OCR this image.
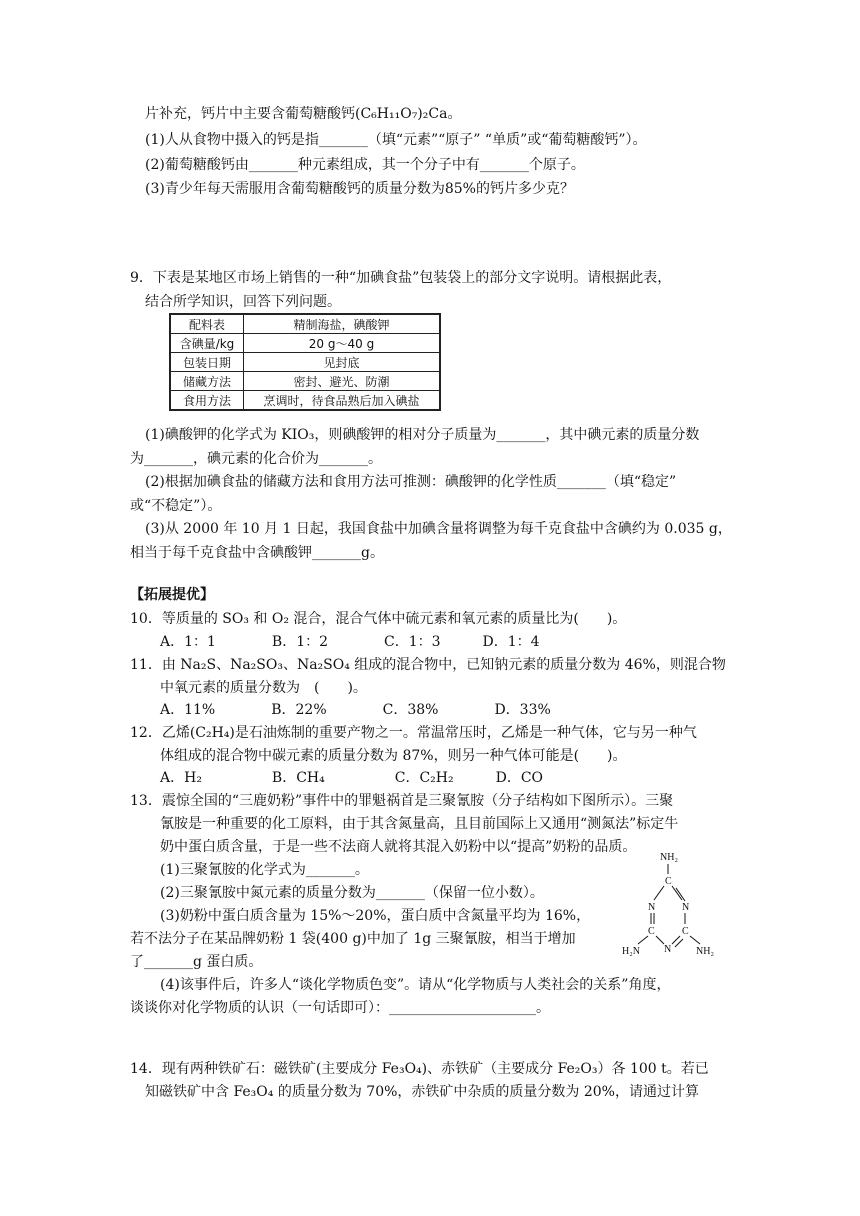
片补充，钙片中主要含葡萄糖酸钙(C₆H₁₁O₇)₂Ca。
(1)人从食物中摄入的钙是指_______（填“元素”“原子” “单质”或“葡萄糖酸钙”）。
(2)葡萄糖酸钙由_______种元素组成，其一个分子中有_______个原子。
(3)青少年每天需服用含葡萄糖酸钙的质量分数为85%的钙片多少克？
9．下表是某地区市场上销售的一种“加碘食盐”包装袋上的部分文字说明。请根据此表，
结合所学知识，回答下列问题。
配料表	精制海盐，碘酸钾
含碘量/kg	20 g～40 g
包装日期	见封底
储藏方法	密封、避光、防潮
食用方法	烹调时，待食品熟后加入碘盐
(1)碘酸钾的化学式为 KIO₃，则碘酸钾的相对分子质量为_______，其中碘元素的质量分数
为_______，碘元素的化合价为_______。
(2)根据加碘食盐的储藏方法和食用方法可推测：碘酸钾的化学性质_______（填“稳定”
或“不稳定”）。
(3)从 2000 年 10 月 1 日起，我国食盐中加碘含量将调整为每千克食盐中含碘约为 0.035 g，
相当于每千克食盐中含碘酸钾_______g。
【拓展提优】
10．等质量的 SO₃ 和 O₂ 混合，混合气体中硫元素和氧元素的质量比为(　　)。
A．1：1　　　　B．1：2　　　　C．1：3　　　D．1：4
11．由 Na₂S、Na₂SO₃、Na₂SO₄ 组成的混合物中，已知钠元素的质量分数为 46%，则混合物
中氧元素的质量分数为　(　　)。
A．11%　　　　B．22%　　　　C．38%　　　　D．33%
12．乙烯(C₂H₄)是石油炼制的重要产物之一。常温常压时，乙烯是一种气体，它与另一种气
体组成的混合物中碳元素的质量分数为 87%，则另一种气体可能是(　　)。
A．H₂　　　　　B．CH₄　　　　　C．C₂H₂　　　D．CO
13．震惊全国的“三鹿奶粉”事件中的罪魁祸首是三聚氰胺（分子结构如下图所示）。三聚
氰胺是一种重要的化工原料，由于其含氮量高，且目前国际上又通用“测氮法”标定牛
奶中蛋白质含量，于是一些不法商人就将其混入奶粉中以“提高”奶粉的品质。
(1)三聚氰胺的化学式为_______。
(2)三聚氰胺中氮元素的质量分数为_______（保留一位小数）。
(3)奶粉中蛋白质含量为 15%～20%，蛋白质中含氮量平均为 16%，
若不法分子在某品牌奶粉 1 袋(400 g)中加了 1g 三聚氰胺，相当于增加
了_______g 蛋白质。
(4)该事件后，许多人“谈化学物质色变”。请从“化学物质与人类社会的关系”角度，
谈谈你对化学物质的认识（一句话即可）：_____________________。
NH₂
C
N	N
C	C
N
H₂N	NH₂
14．现有两种铁矿石：磁铁矿(主要成分 Fe₃O₄)、赤铁矿（主要成分 Fe₂O₃）各 100 t。若已
知磁铁矿中含 Fe₃O₄ 的质量分数为 70%，赤铁矿中杂质的质量分数为 20%，请通过计算
